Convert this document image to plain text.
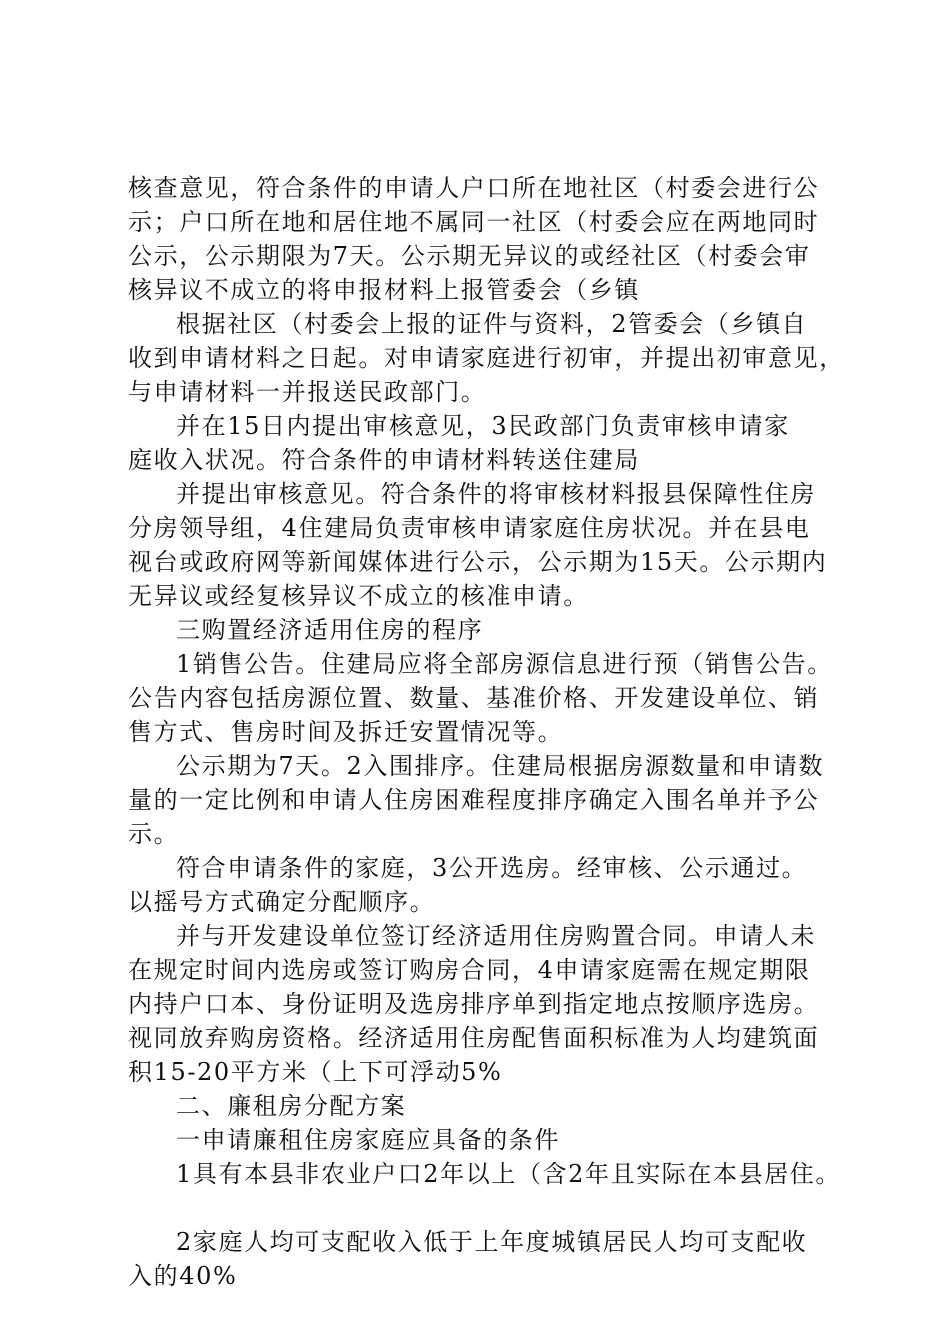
核查意见，符合条件的申请人户口所在地社区（村委会进行公
示；户口所在地和居住地不属同一社区（村委会应在两地同时
公示，公示期限为7天。公示期无异议的或经社区（村委会审
核异议不成立的将申报材料上报管委会（乡镇
根据社区（村委会上报的证件与资料，2管委会（乡镇自
收到申请材料之日起。对申请家庭进行初审，并提出初审意见，
与申请材料一并报送民政部门。
并在15日内提出审核意见，3民政部门负责审核申请家
庭收入状况。符合条件的申请材料转送住建局
并提出审核意见。符合条件的将审核材料报县保障性住房
分房领导组，4住建局负责审核申请家庭住房状况。并在县电
视台或政府网等新闻媒体进行公示，公示期为15天。公示期内
无异议或经复核异议不成立的核准申请。
三购置经济适用住房的程序
1销售公告。住建局应将全部房源信息进行预（销售公告。
公告内容包括房源位置、数量、基准价格、开发建设单位、销
售方式、售房时间及拆迁安置情况等。
公示期为7天。2入围排序。住建局根据房源数量和申请数
量的一定比例和申请人住房困难程度排序确定入围名单并予公
示。
符合申请条件的家庭，3公开选房。经审核、公示通过。
以摇号方式确定分配顺序。
并与开发建设单位签订经济适用住房购置合同。申请人未
在规定时间内选房或签订购房合同，4申请家庭需在规定期限
内持户口本、身份证明及选房排序单到指定地点按顺序选房。
视同放弃购房资格。经济适用住房配售面积标准为人均建筑面
积15-20平方米（上下可浮动5%
二、廉租房分配方案
一申请廉租住房家庭应具备的条件
1具有本县非农业户口2年以上（含2年且实际在本县居住。
2家庭人均可支配收入低于上年度城镇居民人均可支配收
入的40%
